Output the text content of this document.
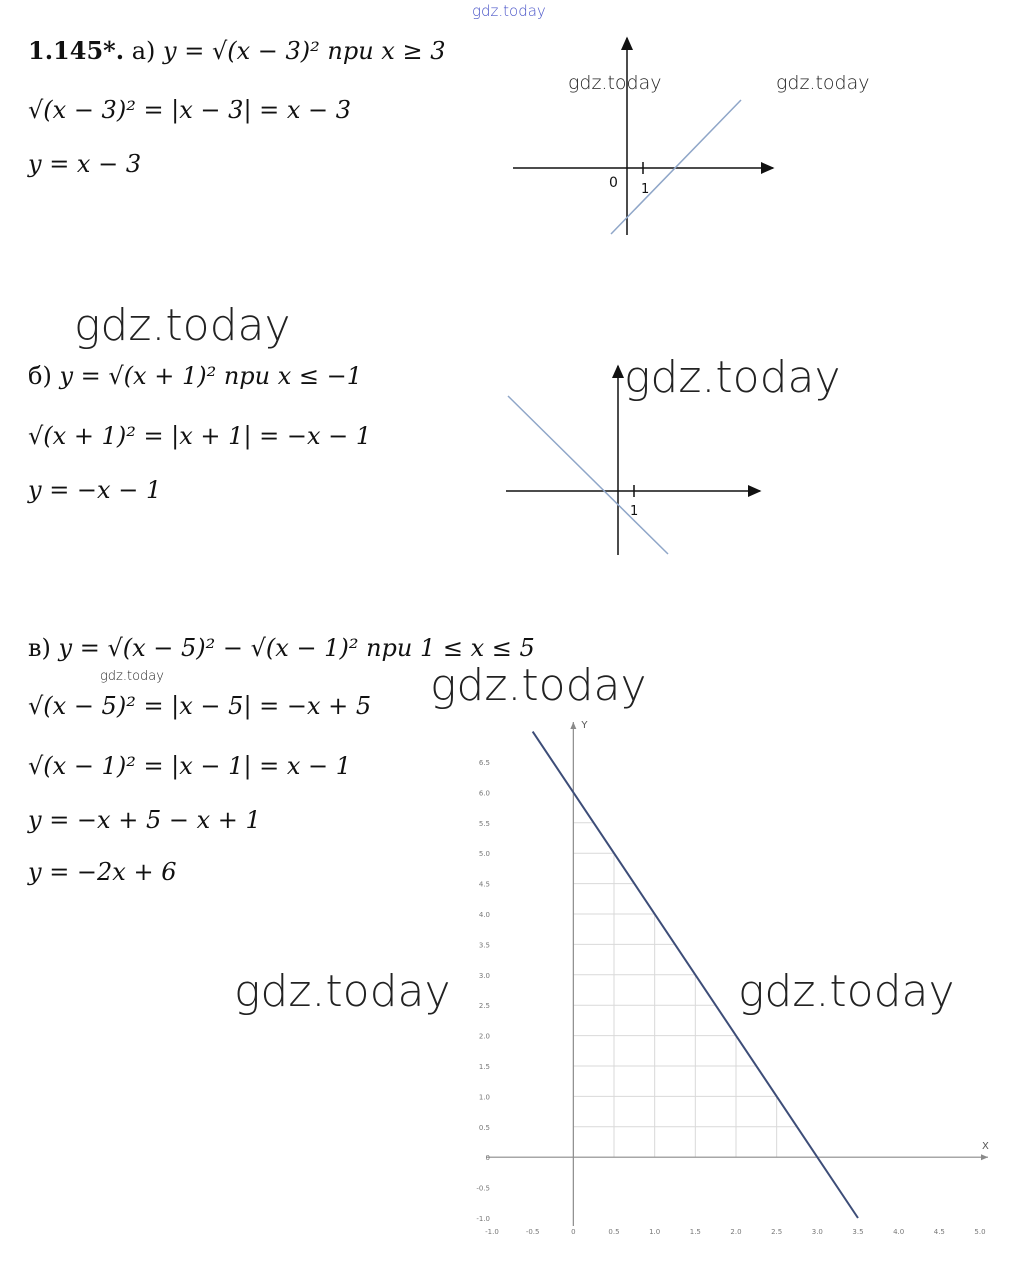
gdz.today
1.145*. а) y = √(x − 3)² при x ≥ 3
√(x − 3)² = |x − 3| = x − 3
y = x − 3
0 1
gdz.today	gdz.today
gdz.today
б) y = √(x + 1)² при x ≤ −1
√(x + 1)² = |x + 1| = −x − 1
y = −x − 1
1
gdz.today
в) y = √(x − 5)² − √(x − 1)² при 1 ≤ x ≤ 5
gdz.today
√(x − 5)² = |x − 5| = −x + 5
√(x − 1)² = |x − 1| = x − 1
y = −x + 5 − x + 1
y = −2x + 6
gdz.today
-1.0	-0.5	0	0.5	1.0	1.5	2.0	2.5	3.0	3.5	4.0	4.5	5.0
-1.0
-0.5
0
0.5
1.0
1.5
2.0
2.5
3.0
3.5
4.0
4.5
5.0
5.5
6.0
6.5
X
Y
gdz.today	gdz.today
